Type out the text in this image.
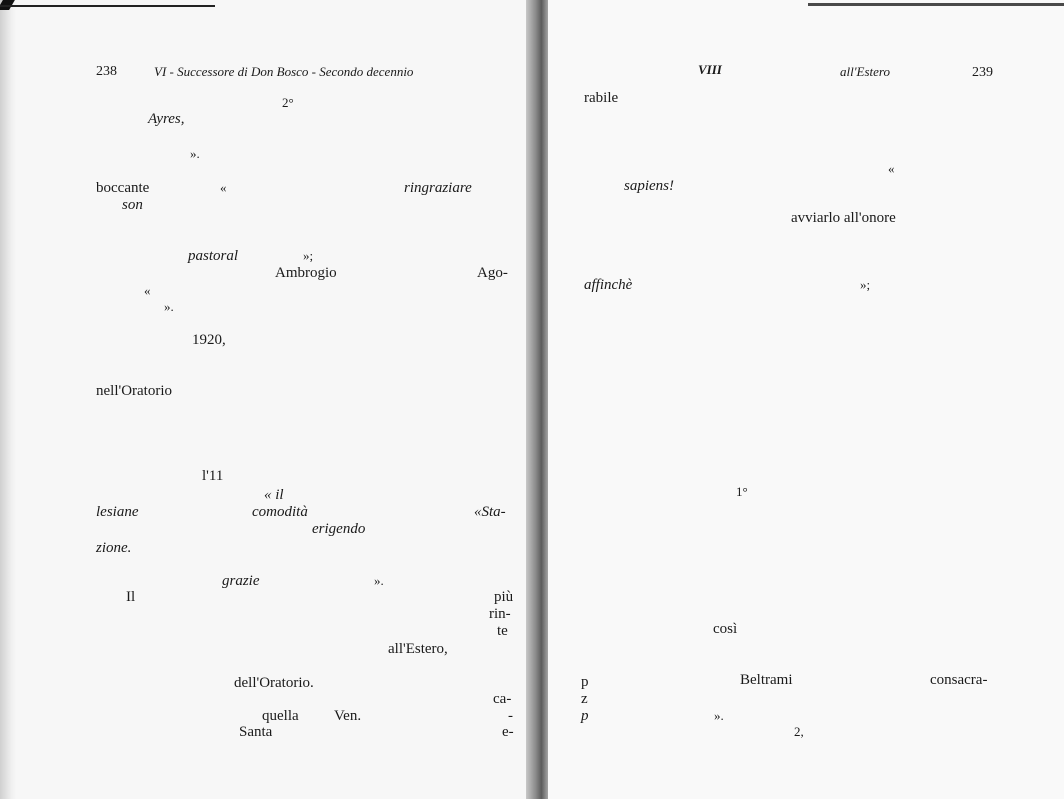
238	VI - Successore di Don Bosco - Secondo decennio
2°
Ayres,
».
boccante	«	ringraziare
son
pastoral	»;
Ambrogio	Ago-
«
».
1920,
nell'Oratorio
l'11
« il
lesiane	comodità	«Sta-
erigendo
zione.
grazie	».
Il	più
rin-
te
all'Estero,
dell'Oratorio.
ca-
-
quella Ven.
e-
Santa
VIII	all'Estero	239
rabile
«
sapiens!
avviarlo all'onore
affinchè	»;
1°
così
p	Beltrami	consacra-
z
p	».
2,
